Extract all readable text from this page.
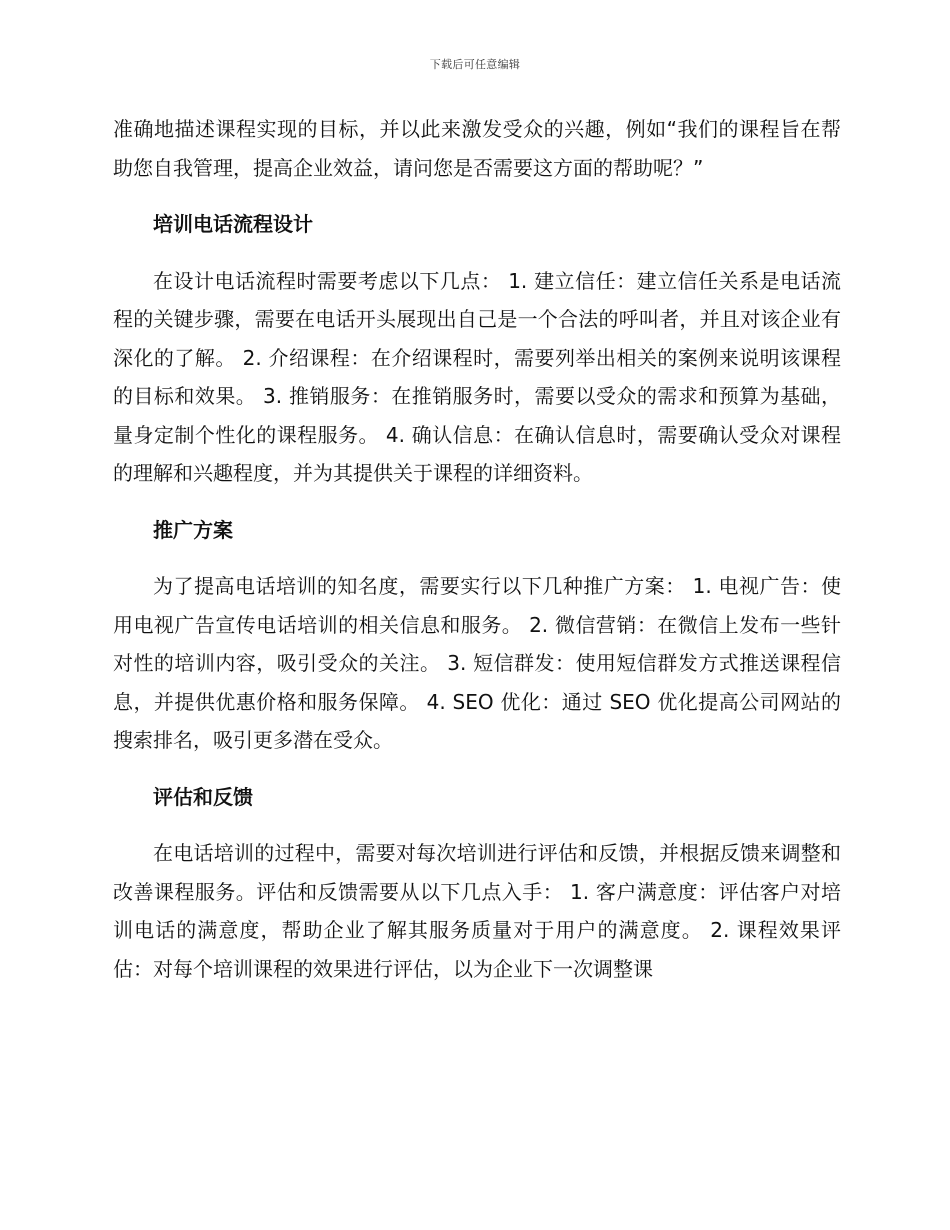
下载后可任意编辑

准确地描述课程实现的目标，并以此来激发受众的兴趣，例如“我们的课程旨在帮助您自我管理，提高企业效益，请问您是否需要这方面的帮助呢？”

培训电话流程设计

在设计电话流程时需要考虑以下几点： 1. 建立信任：建立信任关系是电话流程的关键步骤，需要在电话开头展现出自己是一个合法的呼叫者，并且对该企业有深化的了解。 2. 介绍课程：在介绍课程时，需要列举出相关的案例来说明该课程的目标和效果。 3. 推销服务：在推销服务时，需要以受众的需求和预算为基础，量身定制个性化的课程服务。 4. 确认信息：在确认信息时，需要确认受众对课程的理解和兴趣程度，并为其提供关于课程的详细资料。

推广方案

为了提高电话培训的知名度，需要实行以下几种推广方案： 1. 电视广告：使用电视广告宣传电话培训的相关信息和服务。 2. 微信营销：在微信上发布一些针对性的培训内容，吸引受众的关注。 3. 短信群发：使用短信群发方式推送课程信息，并提供优惠价格和服务保障。 4. SEO 优化：通过 SEO 优化提高公司网站的搜索排名，吸引更多潜在受众。

评估和反馈

在电话培训的过程中，需要对每次培训进行评估和反馈，并根据反馈来调整和改善课程服务。评估和反馈需要从以下几点入手： 1. 客户满意度：评估客户对培训电话的满意度，帮助企业了解其服务质量对于用户的满意度。 2. 课程效果评估：对每个培训课程的效果进行评估，以为企业下一次调整课
